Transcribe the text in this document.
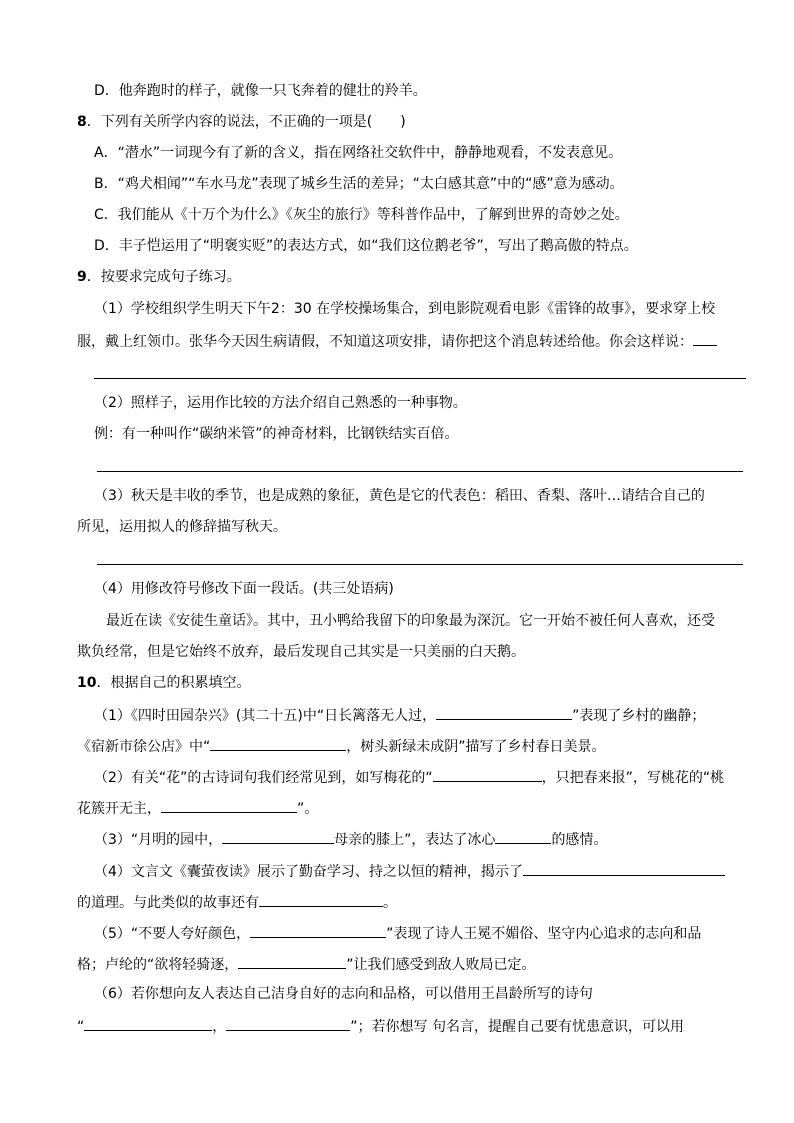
D．他奔跑时的样子，就像一只飞奔着的健壮的羚羊。
8．下列有关所学内容的说法，不正确的一项是(　　)
A．“潜水”一词现今有了新的含义，指在网络社交软件中，静静地观看，不发表意见。
B．“鸡犬相闻”“车水马龙”表现了城乡生活的差异；“太白感其意”中的“感”意为感动。
C．我们能从《十万个为什么》《灰尘的旅行》等科普作品中，了解到世界的奇妙之处。
D．丰子恺运用了“明褒实贬”的表达方式，如“我们这位鹅老爷”，写出了鹅高傲的特点。
9．按要求完成句子练习。
（1）学校组织学生明天下午2：30 在学校操场集合，到电影院观看电影《雷锋的故事》，要求穿上校
服，戴上红领巾。张华今天因生病请假，不知道这项安排，请你把这个消息转述给他。你会这样说：
（2）照样子，运用作比较的方法介绍自己熟悉的一种事物。
例：有一种叫作“碳纳米管”的神奇材料，比钢铁结实百倍。
（3）秋天是丰收的季节，也是成熟的象征，黄色是它的代表色：稻田、香梨、落叶…请结合自己的
所见，运用拟人的修辞描写秋天。
（4）用修改符号修改下面一段话。(共三处语病)
最近在读《安徒生童话》。其中，丑小鸭给我留下的印象最为深沉。它一开始不被任何人喜欢，还受
欺负经常，但是它始终不放弃，最后发现自己其实是一只美丽的白天鹅。
10．根据自己的积累填空。
（1）《四时田园杂兴》(其二十五)中“日长篱落无人过，	”表现了乡村的幽静；
《宿新市徐公店》中“	，树头新绿未成阴”描写了乡村春日美景。
（2）有关“花”的古诗词句我们经常见到，如写梅花的“	，只把春来报”，写桃花的“桃
花簇开无主，	”。
（3）“月明的园中，	母亲的膝上”，表达了冰心	的感情。
（4）文言文《囊萤夜读》展示了勤奋学习、持之以恒的精神，揭示了
的道理。与此类似的故事还有	。
（5）“不要人夸好颜色，	”表现了诗人王冕不媚俗、坚守内心追求的志向和品
格；卢纶的“欲将轻骑逐，	”让我们感受到敌人败局已定。
（6）若你想向友人表达自己洁身自好的志向和品格，可以借用王昌龄所写的诗句
“	，	”；若你想写 句名言，提醒自己要有忧患意识，可以用
